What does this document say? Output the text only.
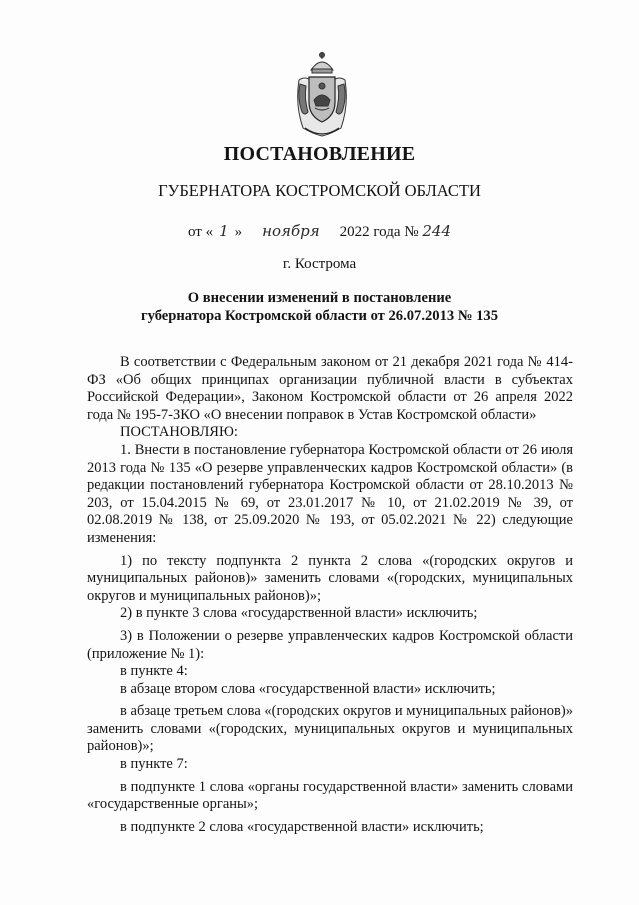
ПОСТАНОВЛЕНИЕ
ГУБЕРНАТОРА КОСТРОМСКОЙ ОБЛАСТИ
от « 1 » ноября 2022 года № 244
г. Кострома
О внесении изменений в постановление
губернатора Костромской области от 26.07.2013 № 135

В соответствии с Федеральным законом от 21 декабря 2021 года № 414-ФЗ «Об общих принципах организации публичной власти в субъектах Российской Федерации», Законом Костромской области от 26 апреля 2022 года № 195-7-ЗКО «О внесении поправок в Устав Костромской области»

ПОСТАНОВЛЯЮ:

1. Внести в постановление губернатора Костромской области от 26 июля 2013 года № 135 «О резерве управленческих кадров Костромской области» (в редакции постановлений губернатора Костромской области от 28.10.2013 № 203, от 15.04.2015 № 69, от 23.01.2017 № 10, от 21.02.2019 № 39, от 02.08.2019 № 138, от 25.09.2020 № 193, от 05.02.2021 № 22) следующие изменения:

1) по тексту подпункта 2 пункта 2 слова «(городских округов и муниципальных районов)» заменить словами «(городских, муниципальных округов и муниципальных районов)»;

2) в пункте 3 слова «государственной власти» исключить;

3) в Положении о резерве управленческих кадров Костромской области (приложение № 1):

в пункте 4:

в абзаце втором слова «государственной власти» исключить;

в абзаце третьем слова «(городских округов и муниципальных районов)» заменить словами «(городских, муниципальных округов и муниципальных районов)»;

в пункте 7:

в подпункте 1 слова «органы государственной власти» заменить словами «государственные органы»;

в подпункте 2 слова «государственной власти» исключить;
